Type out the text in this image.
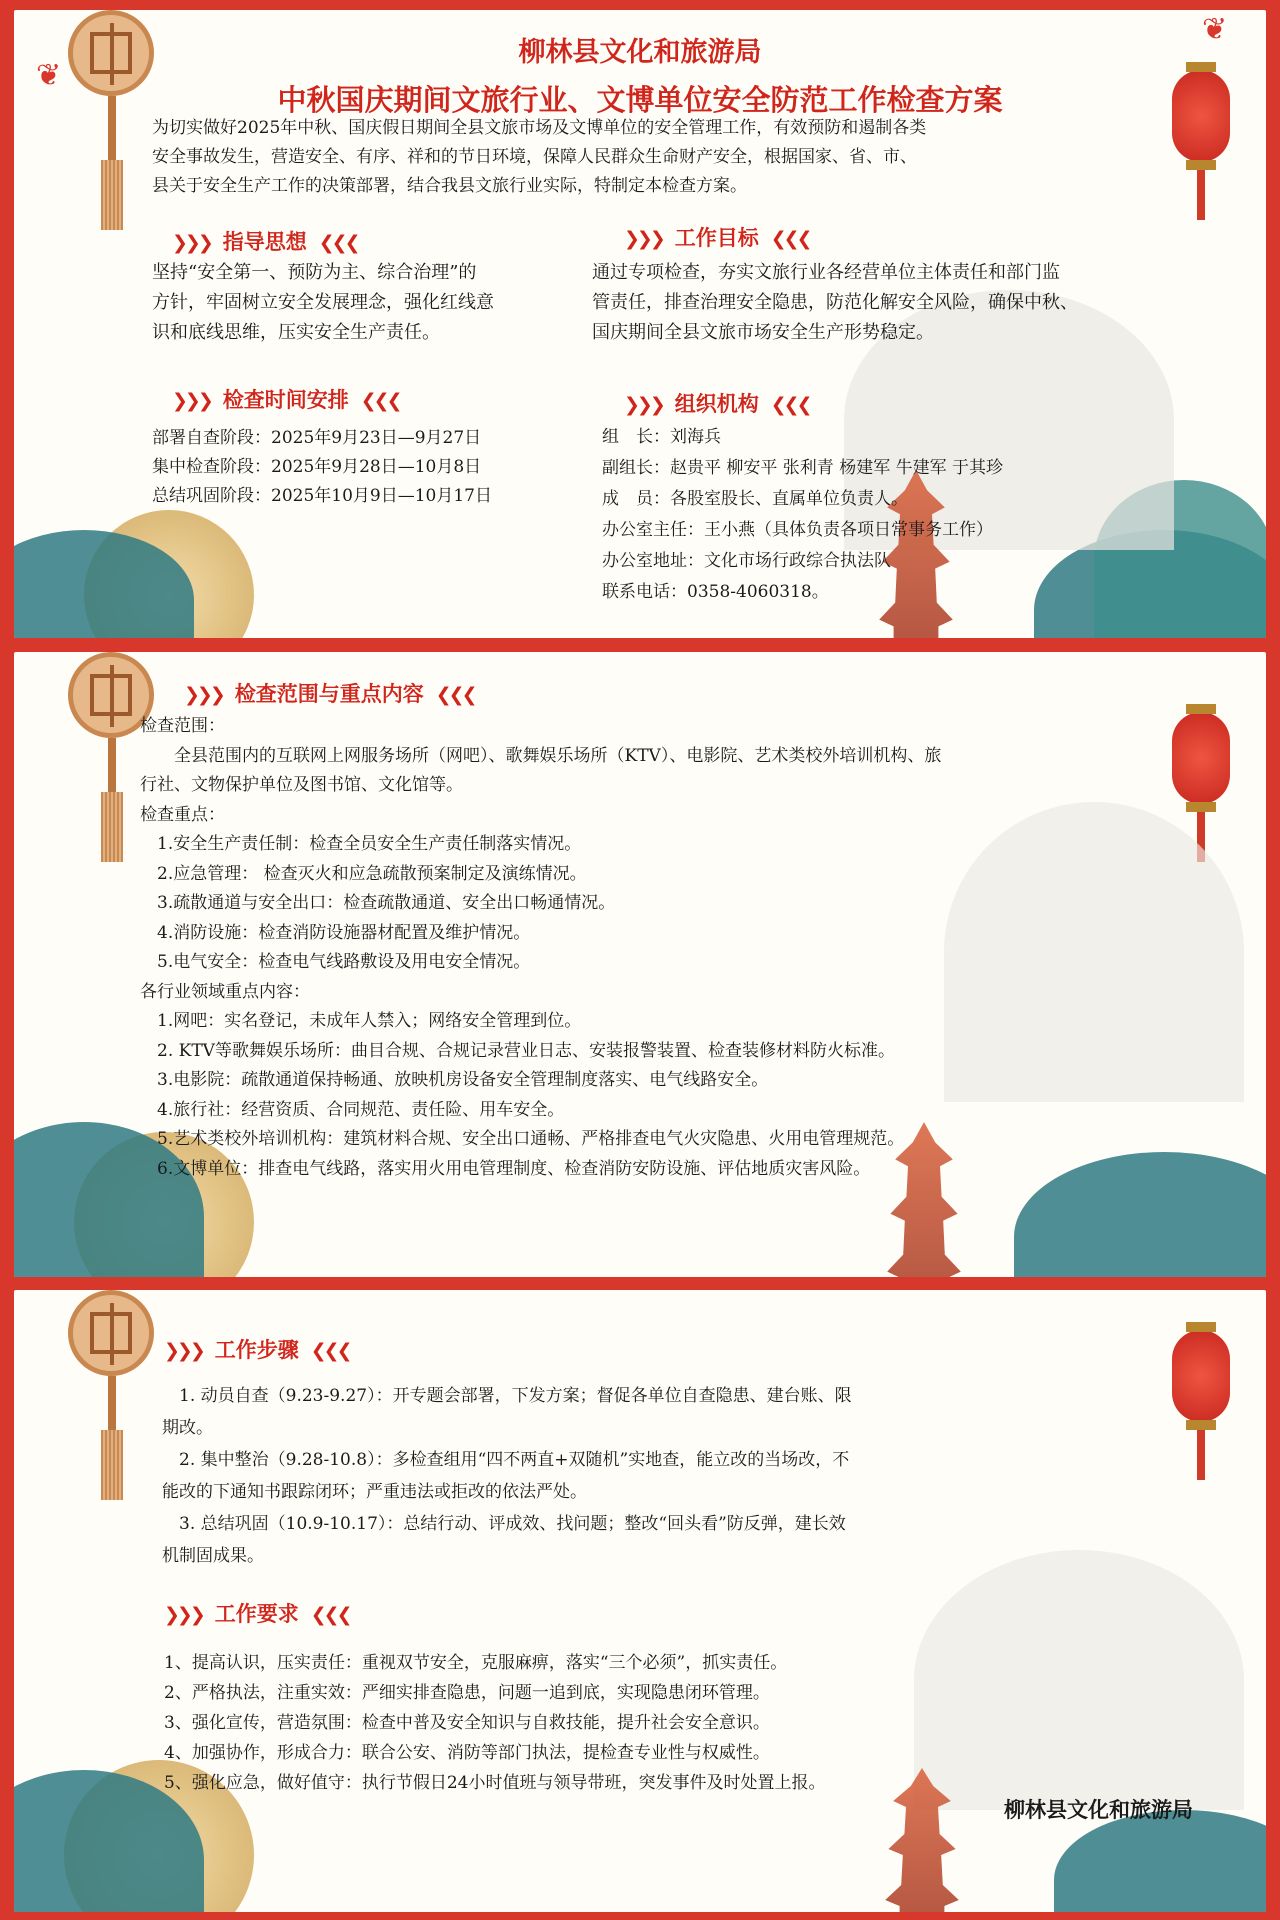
❦
❦
柳林县文化和旅游局
中秋国庆期间文旅行业、文博单位安全防范工作检查方案
为切实做好2025年中秋、国庆假日期间全县文旅市场及文博单位的安全管理工作，有效预防和遏制各类
安全事故发生，营造安全、有序、祥和的节日环境，保障人民群众生命财产安全，根据国家、省、市、
县关于安全生产工作的决策部署，结合我县文旅行业实际，特制定本检查方案。
❯❯❯ 指导思想 ❮❮❮
坚持“安全第一、预防为主、综合治理”的
方针，牢固树立安全发展理念，强化红线意
识和底线思维，压实安全生产责任。
❯❯❯ 工作目标 ❮❮❮
通过专项检查，夯实文旅行业各经营单位主体责任和部门监
管责任，排查治理安全隐患，防范化解安全风险，确保中秋、
国庆期间全县文旅市场安全生产形势稳定。
❯❯❯ 检查时间安排 ❮❮❮
部署自查阶段：2025年9月23日—9月27日
集中检查阶段：2025年9月28日—10月8日
总结巩固阶段：2025年10月9日—10月17日
❯❯❯ 组织机构 ❮❮❮
组　长：刘海兵
副组长：赵贵平 柳安平 张利青 杨建军 牛建军 于其珍
成　员：各股室股长、直属单位负责人。
办公室主任：王小燕（具体负责各项日常事务工作）
办公室地址：文化市场行政综合执法队
联系电话：0358-4060318。
❯❯❯ 检查范围与重点内容 ❮❮❮
检查范围：
　　全县范围内的互联网上网服务场所（网吧）、歌舞娱乐场所（KTV）、电影院、艺术类校外培训机构、旅
行社、文物保护单位及图书馆、文化馆等。
检查重点：
　1.安全生产责任制：检查全员安全生产责任制落实情况。
　2.应急管理： 检查灭火和应急疏散预案制定及演练情况。
　3.疏散通道与安全出口：检查疏散通道、安全出口畅通情况。
　4.消防设施：检查消防设施器材配置及维护情况。
　5.电气安全：检查电气线路敷设及用电安全情况。
各行业领域重点内容：
　1.网吧：实名登记，未成年人禁入；网络安全管理到位。
　2. KTV等歌舞娱乐场所：曲目合规、合规记录营业日志、安装报警装置、检查装修材料防火标准。
　3.电影院：疏散通道保持畅通、放映机房设备安全管理制度落实、电气线路安全。
　4.旅行社：经营资质、合同规范、责任险、用车安全。
　5.艺术类校外培训机构：建筑材料合规、安全出口通畅、严格排查电气火灾隐患、火用电管理规范。
　6.文博单位：排查电气线路，落实用火用电管理制度、检查消防安防设施、评估地质灾害风险。
❯❯❯ 工作步骤 ❮❮❮
　1. 动员自查（9.23-9.27）：开专题会部署，下发方案；督促各单位自查隐患、建台账、限
期改。
　2. 集中整治（9.28-10.8）：多检查组用“四不两直+双随机”实地查，能立改的当场改，不
能改的下通知书跟踪闭环；严重违法或拒改的依法严处。
　3. 总结巩固（10.9-10.17）：总结行动、评成效、找问题；整改“回头看”防反弹，建长效
机制固成果。
❯❯❯ 工作要求 ❮❮❮
1、提高认识，压实责任：重视双节安全，克服麻痹，落实“三个必须”，抓实责任。
2、严格执法，注重实效：严细实排查隐患，问题一追到底，实现隐患闭环管理。
3、强化宣传，营造氛围：检查中普及安全知识与自救技能，提升社会安全意识。
4、加强协作，形成合力：联合公安、消防等部门执法，提检查专业性与权威性。
5、强化应急，做好值守：执行节假日24小时值班与领导带班，突发事件及时处置上报。
柳林县文化和旅游局
